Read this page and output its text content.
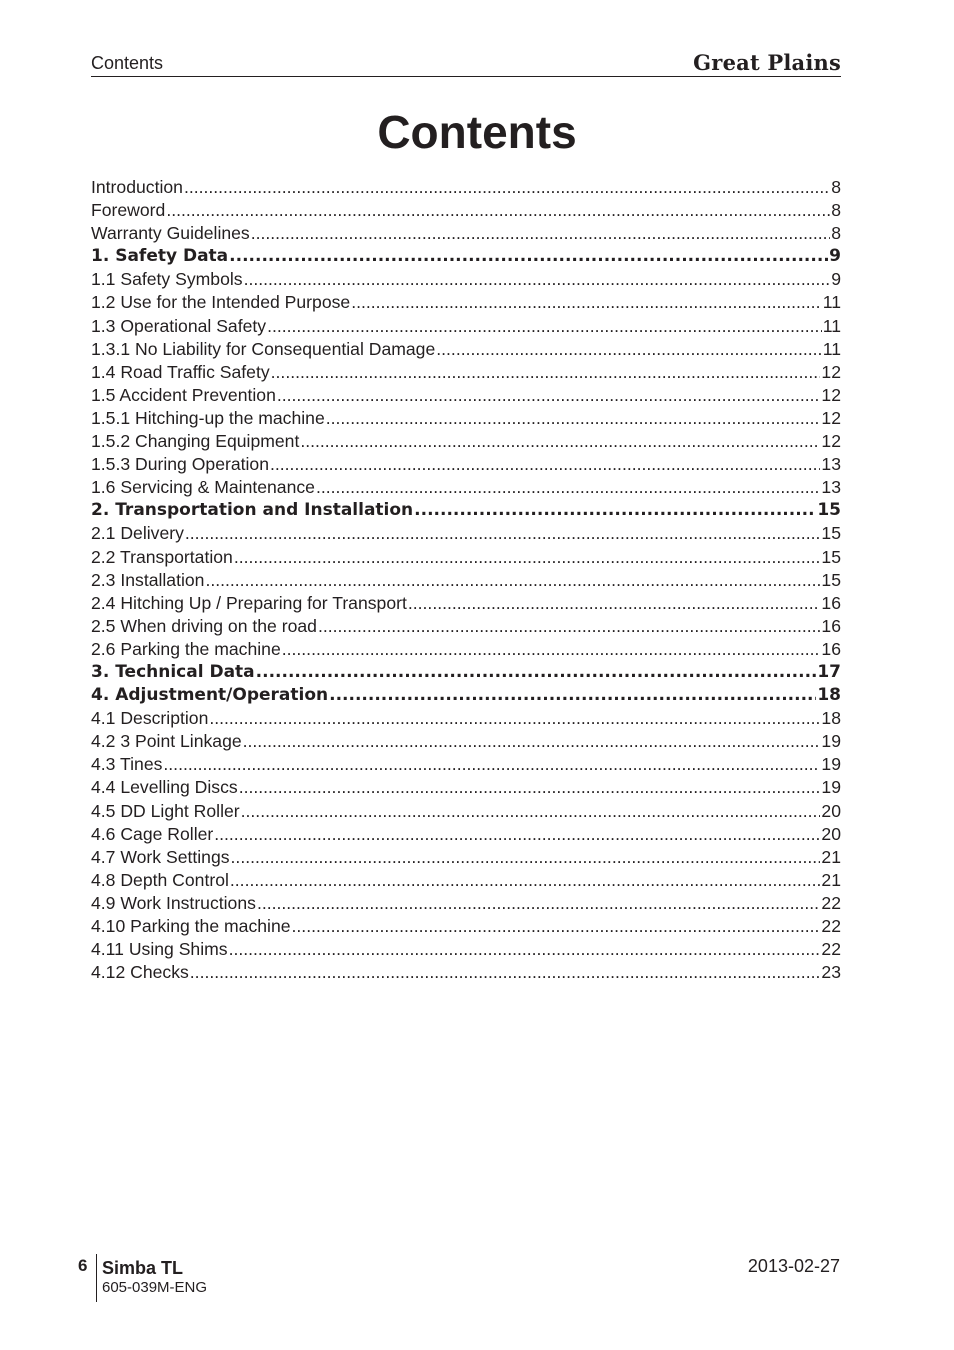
Contents	Great Plains
Contents
Introduction .....	8
Foreword .....	8
Warranty Guidelines .....	8
1. Safety Data .....	9
1.1 Safety Symbols .....	9
1.2 Use for the Intended Purpose .....	11
1.3 Operational Safety .....	11
1.3.1 No Liability for Consequential Damage .....	11
1.4 Road Traffic Safety .....	12
1.5 Accident Prevention .....	12
1.5.1 Hitching-up the machine .....	12
1.5.2 Changing Equipment .....	12
1.5.3 During Operation .....	13
1.6 Servicing & Maintenance .....	13
2. Transportation and Installation .....	15
2.1 Delivery .....	15
2.2 Transportation .....	15
2.3 Installation .....	15
2.4 Hitching Up / Preparing for Transport .....	16
2.5 When driving on the road .....	16
2.6 Parking the machine .....	16
3. Technical Data .....	17
4. Adjustment/Operation .....	18
4.1 Description .....	18
4.2 3 Point Linkage .....	19
4.3 Tines .....	19
4.4 Levelling Discs .....	19
4.5 DD Light Roller .....	20
4.6 Cage Roller .....	20
4.7 Work Settings .....	21
4.8 Depth Control .....	21
4.9 Work Instructions .....	22
4.10 Parking the machine .....	22
4.11 Using Shims .....	22
4.12 Checks .....	23
6 Simba TL
605-039M-ENG
2013-02-27
